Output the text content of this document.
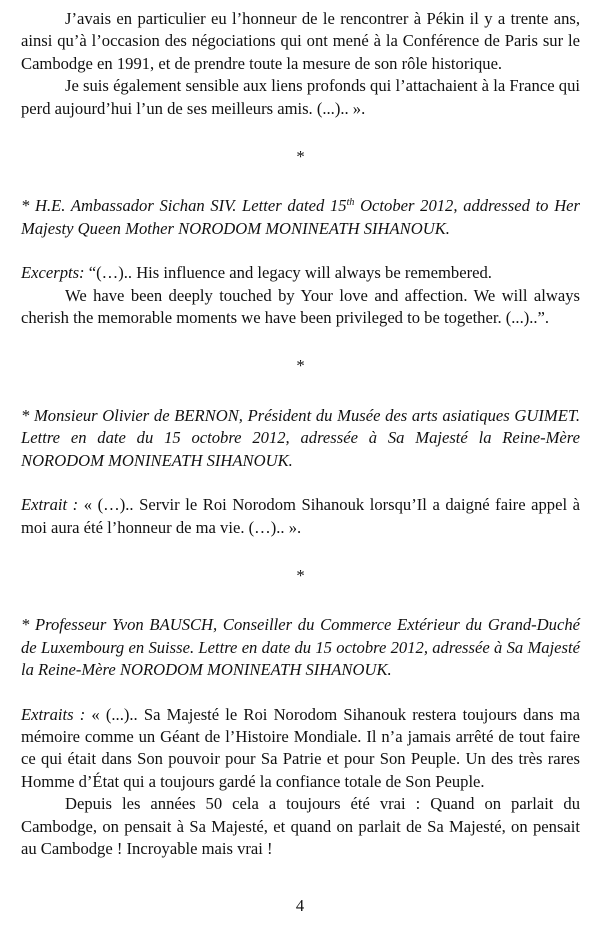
J’avais en particulier eu l’honneur de le rencontrer à Pékin il y a trente ans, ainsi qu’à l’occasion des négociations qui ont mené à la Conférence de Paris sur le Cambodge en 1991, et de prendre toute la mesure de son rôle historique.

Je suis également sensible aux liens profonds qui l’attachaient à la France qui perd aujourd’hui l’un de ses meilleurs amis. (...).. ».

*

* H.E. Ambassador Sichan SIV. Letter dated 15th October 2012, addressed to Her Majesty Queen Mother NORODOM MONINEATH SIHANOUK.

Excerpts: “(…).. His influence and legacy will always be remembered.

We have been deeply touched by Your love and affection. We will always cherish the memorable moments we have been privileged to be together. (...)..”.

*

* Monsieur Olivier de BERNON, Président du Musée des arts asiatiques GUIMET. Lettre en date du 15 octobre 2012, adressée à Sa Majesté la Reine-Mère NORODOM MONINEATH SIHANOUK.

Extrait : « (…).. Servir le Roi Norodom Sihanouk lorsqu’Il a daigné faire appel à moi aura été l’honneur de ma vie. (…).. ».

*

* Professeur Yvon BAUSCH, Conseiller du Commerce Extérieur du Grand-Duché de Luxembourg en Suisse. Lettre en date du 15 octobre 2012, adressée à Sa Majesté la Reine-Mère NORODOM MONINEATH SIHANOUK.

Extraits : « (...).. Sa Majesté le Roi Norodom Sihanouk restera toujours dans ma mémoire comme un Géant de l’Histoire Mondiale. Il n’a jamais arrêté de tout faire ce qui était dans Son pouvoir pour Sa Patrie et pour Son Peuple. Un des très rares Homme d’État qui a toujours gardé la confiance totale de Son Peuple.

Depuis les années 50 cela a toujours été vrai : Quand on parlait du Cambodge, on pensait à Sa Majesté, et quand on parlait de Sa Majesté, on pensait au Cambodge ! Incroyable mais vrai !

4
